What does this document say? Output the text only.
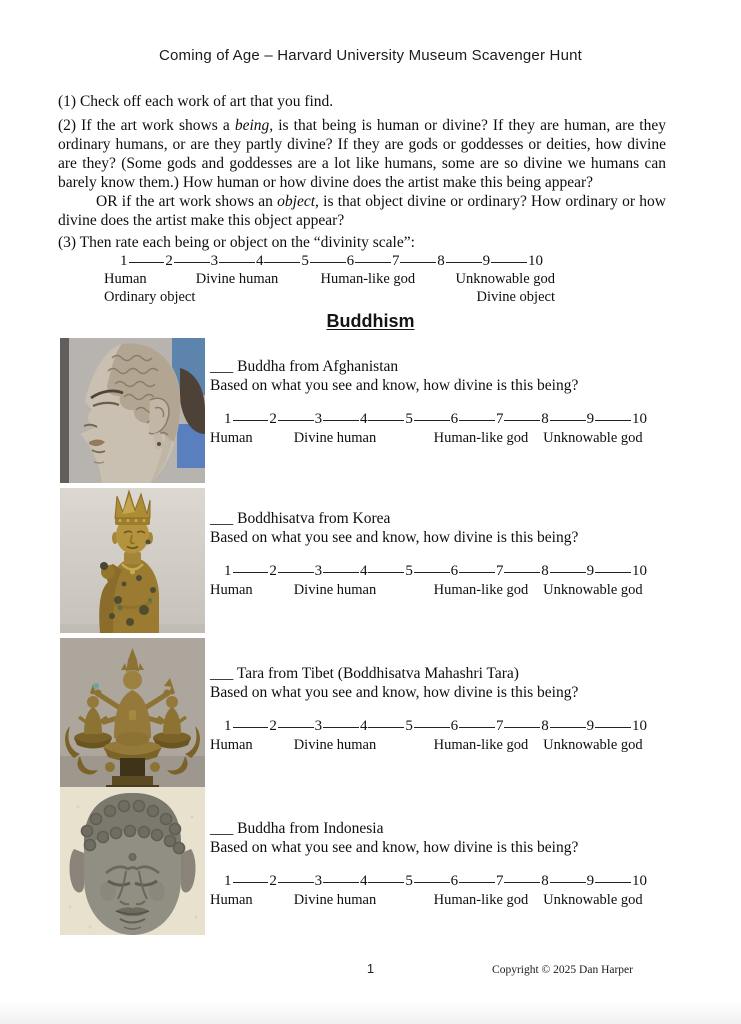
Coming of Age – Harvard University Museum Scavenger Hunt
(1) Check off each work of art that you find.
(2) If the art work shows a being, is that being is human or divine? If they are human, are they ordinary humans, or are they partly divine? If they are gods or goddesses or deities, how divine are they? (Some gods and goddesses are a lot like humans, some are so divine we humans can barely know them.) How human or how divine does the artist make this being appear?
OR if the art work shows an object, is that object divine or ordinary? How ordinary or how divine does the artist make this object appear?
(3) Then rate each being or object on the “divinity scale”:
1	2	3	4	5	6	7	8	9	10
Human	Divine human	Human-like god	Unknowable god
Ordinary object	Divine object
Buddhism
___ Buddha from Afghanistan
Based on what you see and know, how divine is this being?
1	2	3	4	5	6	7	8	9	10
Human	Divine human	Human-like god Unknowable god
___ Boddhisatva from Korea
Based on what you see and know, how divine is this being?
1	2	3	4	5	6	7	8	9	10
Human	Divine human	Human-like god Unknowable god
___ Tara from Tibet (Boddhisatva Mahashri Tara)
Based on what you see and know, how divine is this being?
1	2	3	4	5	6	7	8	9	10
Human	Divine human	Human-like god Unknowable god
___ Buddha from Indonesia
Based on what you see and know, how divine is this being?
1	2	3	4	5	6	7	8	9	10
Human	Divine human	Human-like god Unknowable god
1	Copyright © 2025 Dan Harper
